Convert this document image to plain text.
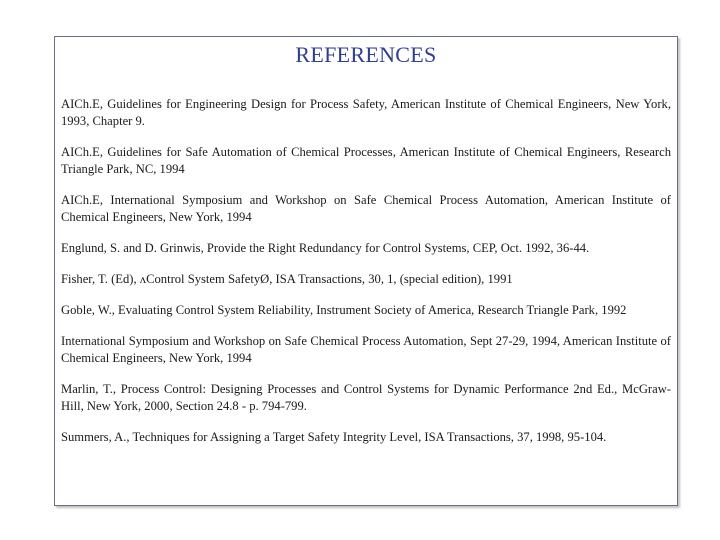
REFERENCES
AICh.E, Guidelines for Engineering Design for Process Safety, American Institute of Chemical Engineers, New York, 1993, Chapter 9.
AICh.E, Guidelines for Safe Automation of Chemical Processes, American Institute of Chemical Engineers, Research Triangle Park, NC, 1994
AICh.E, International Symposium and Workshop on Safe Chemical Process Automation, American Institute of Chemical Engineers, New York, 1994
Englund, S. and D. Grinwis, Provide the Right Redundancy for Control Systems, CEP, Oct. 1992, 36-44.
Fisher, T. (Ed), ʌControl System SafetyØ, ISA Transactions, 30, 1, (special edition), 1991
Goble, W., Evaluating Control System Reliability, Instrument Society of America, Research Triangle Park, 1992
International Symposium and Workshop on Safe Chemical Process Automation, Sept 27-29, 1994, American Institute of Chemical Engineers, New York, 1994
Marlin, T., Process Control: Designing Processes and Control Systems for Dynamic Performance 2nd Ed., McGraw-Hill, New York, 2000, Section 24.8 - p. 794-799.
Summers, A., Techniques for Assigning a Target Safety Integrity Level, ISA Transactions, 37, 1998, 95-104.
